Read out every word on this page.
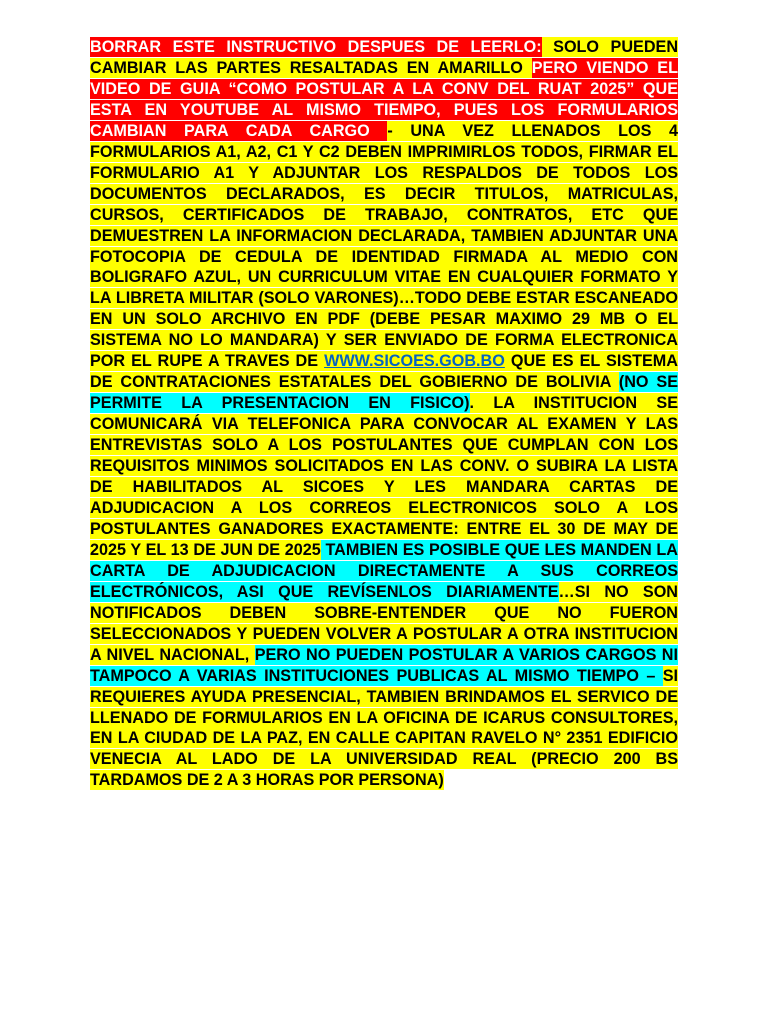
BORRAR ESTE INSTRUCTIVO DESPUES DE LEERLO: SOLO PUEDEN CAMBIAR LAS PARTES RESALTADAS EN AMARILLO PERO VIENDO EL VIDEO DE GUIA “COMO POSTULAR A LA CONV DEL RUAT 2025” QUE ESTA EN YOUTUBE AL MISMO TIEMPO, PUES LOS FORMULARIOS CAMBIAN PARA CADA CARGO - UNA VEZ LLENADOS LOS 4 FORMULARIOS A1, A2, C1 Y C2 DEBEN IMPRIMIRLOS TODOS, FIRMAR EL FORMULARIO A1 Y ADJUNTAR LOS RESPALDOS DE TODOS LOS DOCUMENTOS DECLARADOS, ES DECIR TITULOS, MATRICULAS, CURSOS, CERTIFICADOS DE TRABAJO, CONTRATOS, ETC QUE DEMUESTREN LA INFORMACION DECLARADA, TAMBIEN ADJUNTAR UNA FOTOCOPIA DE CEDULA DE IDENTIDAD FIRMADA AL MEDIO CON BOLIGRAFO AZUL, UN CURRICULUM VITAE EN CUALQUIER FORMATO Y LA LIBRETA MILITAR (SOLO VARONES)…TODO DEBE ESTAR ESCANEADO EN UN SOLO ARCHIVO EN PDF (DEBE PESAR MAXIMO 29 MB O EL SISTEMA NO LO MANDARA) Y SER ENVIADO DE FORMA ELECTRONICA POR EL RUPE A TRAVES DE WWW.SICOES.GOB.BO QUE ES EL SISTEMA DE CONTRATACIONES ESTATALES DEL GOBIERNO DE BOLIVIA (NO SE PERMITE LA PRESENTACION EN FISICO). LA INSTITUCION SE COMUNICARÁ VIA TELEFONICA PARA CONVOCAR AL EXAMEN Y LAS ENTREVISTAS SOLO A LOS POSTULANTES QUE CUMPLAN CON LOS REQUISITOS MINIMOS SOLICITADOS EN LAS CONV. O SUBIRA LA LISTA DE HABILITADOS AL SICOES Y LES MANDARA CARTAS DE ADJUDICACION A LOS CORREOS ELECTRONICOS SOLO A LOS POSTULANTES GANADORES EXACTAMENTE: ENTRE EL 30 DE MAY DE 2025 Y EL 13 DE JUN DE 2025 TAMBIEN ES POSIBLE QUE LES MANDEN LA CARTA DE ADJUDICACION DIRECTAMENTE A SUS CORREOS ELECTRÓNICOS, ASI QUE REVÍSENLOS DIARIAMENTE…SI NO SON NOTIFICADOS DEBEN SOBRE-ENTENDER QUE NO FUERON SELECCIONADOS Y PUEDEN VOLVER A POSTULAR A OTRA INSTITUCION A NIVEL NACIONAL, PERO NO PUEDEN POSTULAR A VARIOS CARGOS NI TAMPOCO A VARIAS INSTITUCIONES PUBLICAS AL MISMO TIEMPO – SI REQUIERES AYUDA PRESENCIAL, TAMBIEN BRINDAMOS EL SERVICO DE LLENADO DE FORMULARIOS EN LA OFICINA DE ICARUS CONSULTORES, EN LA CIUDAD DE LA PAZ, EN CALLE CAPITAN RAVELO N° 2351 EDIFICIO VENECIA AL LADO DE LA UNIVERSIDAD REAL (PRECIO 200 BS TARDAMOS DE 2 A 3 HORAS POR PERSONA)
